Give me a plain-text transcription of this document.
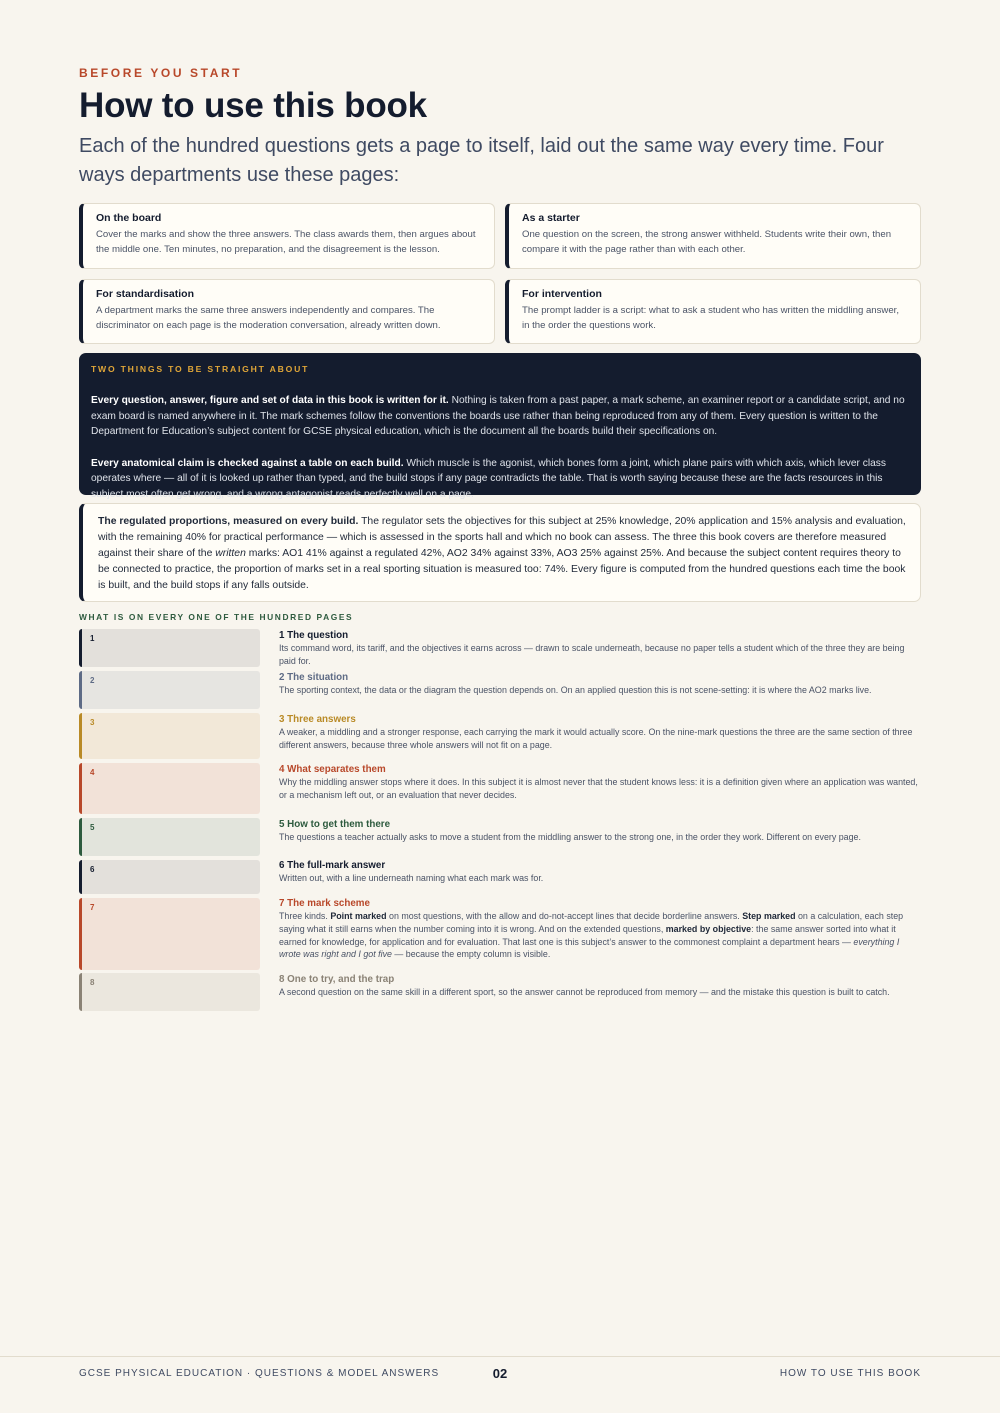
BEFORE YOU START
How to use this book

Each of the hundred questions gets a page to itself, laid out the same way every time. Four ways departments use these pages:

On the board

Cover the marks and show the three answers. The class awards them, then argues about the middle one. Ten minutes, no preparation, and the disagreement is the lesson.

As a starter

One question on the screen, the strong answer withheld. Students write their own, then compare it with the page rather than with each other.

For standardisation

A department marks the same three answers independently and compares. The discriminator on each page is the moderation conversation, already written down.

For intervention

The prompt ladder is a script: what to ask a student who has written the middling answer, in the order the questions work.

TWO THINGS TO BE STRAIGHT ABOUT

Every question, answer, figure and set of data in this book is written for it. Nothing is taken from a past paper, a mark scheme, an examiner report or a candidate script, and no exam board is named anywhere in it. The mark schemes follow the conventions the boards use rather than being reproduced from any of them. Every question is written to the Department for Education’s subject content for GCSE physical education, which is the document all the boards build their specifications on.

Every anatomical claim is checked against a table on each build. Which muscle is the agonist, which bones form a joint, which plane pairs with which axis, which lever class operates where — all of it is looked up rather than typed, and the build stops if any page contradicts the table. That is worth saying because these are the facts resources in this subject most often get wrong, and a wrong antagonist reads perfectly well on a page.

The regulated proportions, measured on every build. The regulator sets the objectives for this subject at 25% knowledge, 20% application and 15% analysis and evaluation, with the remaining 40% for practical performance — which is assessed in the sports hall and which no book can assess. The three this book covers are therefore measured against their share of the written marks: AO1 41% against a regulated 42%, AO2 34% against 33%, AO3 25% against 25%. And because the subject content requires theory to be connected to practice, the proportion of marks set in a real sporting situation is measured too: 74%. Every figure is computed from the hundred questions each time the book is built, and the build stops if any falls outside.

WHAT IS ON EVERY ONE OF THE HUNDRED PAGES
1
2
3
4
5
6
7
8

1 The question

Its command word, its tariff, and the objectives it earns across — drawn to scale underneath, because no paper tells a student which of the three they are being paid for.

2 The situation

The sporting context, the data or the diagram the question depends on. On an applied question this is not scene-setting: it is where the AO2 marks live.

3 Three answers

A weaker, a middling and a stronger response, each carrying the mark it would actually score. On the nine-mark questions the three are the same section of three different answers, because three whole answers will not fit on a page.

4 What separates them

Why the middling answer stops where it does. In this subject it is almost never that the student knows less: it is a definition given where an application was wanted, or a mechanism left out, or an evaluation that never decides.

5 How to get them there

The questions a teacher actually asks to move a student from the middling answer to the strong one, in the order they work. Different on every page.

6 The full-mark answer

Written out, with a line underneath naming what each mark was for.

7 The mark scheme

Three kinds. Point marked on most questions, with the allow and do-not-accept lines that decide borderline answers. Step marked on a calculation, each step saying what it still earns when the number coming into it is wrong. And on the extended questions, marked by objective: the same answer sorted into what it earned for knowledge, for application and for evaluation. That last one is this subject’s answer to the commonest complaint a department hears — everything I wrote was right and I got five — because the empty column is visible.

8 One to try, and the trap

A second question on the same skill in a different sport, so the answer cannot be reproduced from memory — and the mistake this question is built to catch.

GCSE PHYSICAL EDUCATION · QUESTIONS & MODEL ANSWERS	02	HOW TO USE THIS BOOK
